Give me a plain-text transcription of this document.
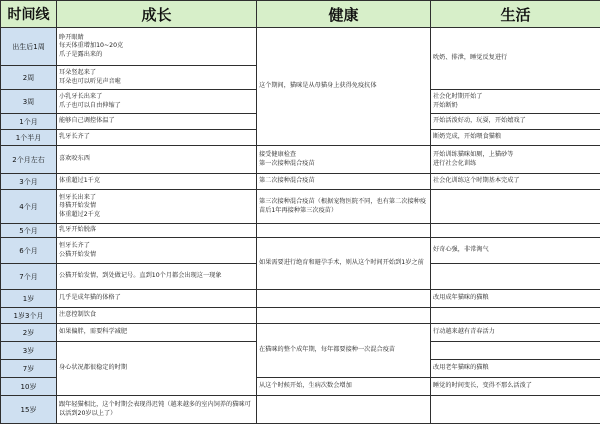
时间线	成长	健康	生活
出生后1周	睁开眼睛
每天体重增加10~20克
爪子是露出来的	这个期间，猫咪是从母猫身上获得免疫抗体	吮奶、排泄，睡觉反复进行

2周	耳朵竖起来了
耳朵也可以听见声音啦		

3周	小乳牙长出来了
爪子也可以自由伸缩了		社会化时期开始了
开始断奶

1个月	能够自己调控体温了		开始活泼好动，玩耍，开始嬉戏了

1个半月	乳牙长齐了		断奶完成，开始喂食猫粮

2个月左右	喜欢咬东西	接受健康检查
第一次接种混合疫苗	开始训练猫咪如厕，上猫砂等
进行社会化训练

3个月	体重超过1千克	第二次接种混合疫苗	社会化训练这个时期基本完成了

4个月	恒牙长出来了
母猫开始发情
体重超过2千克	第三次接种混合疫苗（根据宠物医院不同，也有第二次接种疫苗后1年再接种第三次疫苗）	

5个月	乳牙开始脱落		

6个月	恒牙长齐了
公猫开始发情	如果需要进行绝育和避孕手术，则从这个时间开始到1岁之前	好奇心强，非常淘气

7个月	公猫开始发情，到处做记号。直到10个月都会出现这一现象		

1岁	几乎是成年猫的体格了		改用成年猫咪的猫粮

1岁3个月	注意控制饮食		

2岁	如果偏胖，需要科学减肥	在猫咪的整个成年期，每年都要接种一次混合疫苗	行动越来越有青春活力

3岁	身心状况都很稳定的时期		

7岁			改用老年猫咪的猫粮

10岁		从这个时候开始，生病次数会增加	睡觉的时间变长，变得不那么活泼了

15岁	跟年轻猫相比，这个时期会表现得迟钝（越来越多的室内饲养的猫咪可以活到20岁以上了）		
